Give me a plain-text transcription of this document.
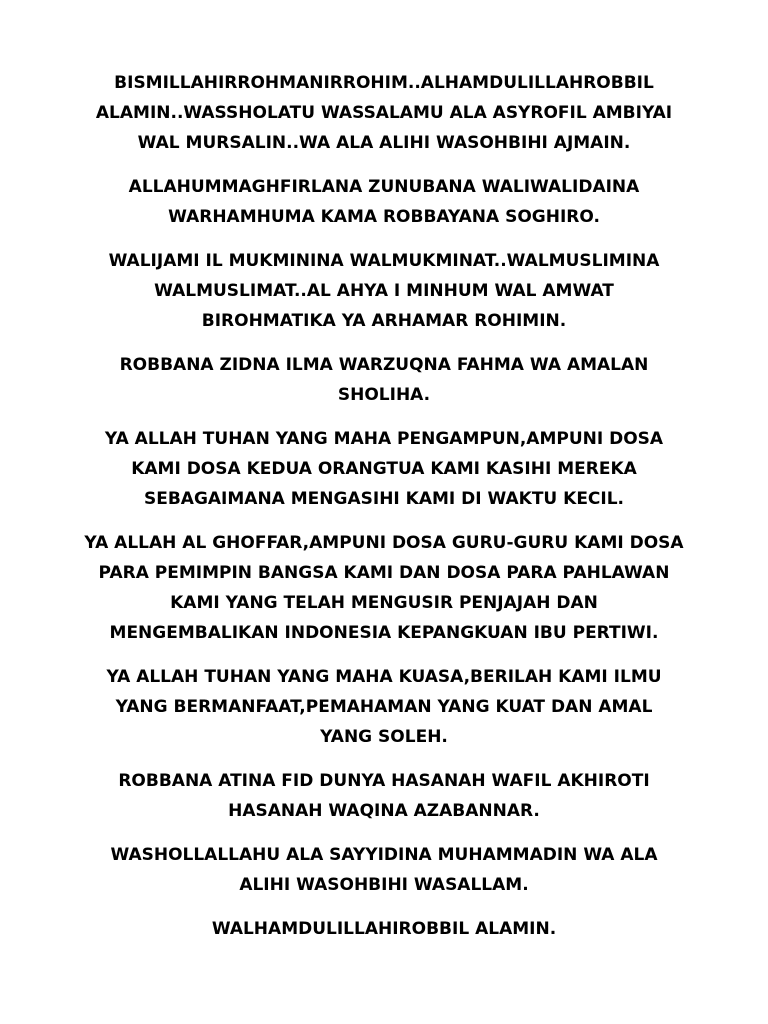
BISMILLAHIRROHMANIRROHIM..ALHAMDULILLAHROBBIL
ALAMIN..WASSHOLATU WASSALAMU ALA ASYROFIL AMBIYAI
WAL MURSALIN..WA ALA ALIHI WASOHBIHI AJMAIN.

ALLAHUMMAGHFIRLANA ZUNUBANA WALIWALIDAINA
WARHAMHUMA KAMA ROBBAYANA SOGHIRO.

WALIJAMI IL MUKMININA WALMUKMINAT..WALMUSLIMINA
WALMUSLIMAT..AL AHYA I MINHUM WAL AMWAT
BIROHMATIKA YA ARHAMAR ROHIMIN.

ROBBANA ZIDNA ILMA WARZUQNA FAHMA WA AMALAN
SHOLIHA.

YA ALLAH TUHAN YANG MAHA PENGAMPUN,AMPUNI DOSA
KAMI DOSA KEDUA ORANGTUA KAMI KASIHI MEREKA
SEBAGAIMANA MENGASIHI KAMI DI WAKTU KECIL.

YA ALLAH AL GHOFFAR,AMPUNI DOSA GURU-GURU KAMI DOSA
PARA PEMIMPIN BANGSA KAMI DAN DOSA PARA PAHLAWAN
KAMI YANG TELAH MENGUSIR PENJAJAH DAN
MENGEMBALIKAN INDONESIA KEPANGKUAN IBU PERTIWI.

YA ALLAH TUHAN YANG MAHA KUASA,BERILAH KAMI ILMU
YANG BERMANFAAT,PEMAHAMAN YANG KUAT DAN AMAL
YANG SOLEH.

ROBBANA ATINA FID DUNYA HASANAH WAFIL AKHIROTI
HASANAH WAQINA AZABANNAR.

WASHOLLALLAHU ALA SAYYIDINA MUHAMMADIN WA ALA
ALIHI WASOHBIHI WASALLAM.

WALHAMDULILLAHIROBBIL ALAMIN.
